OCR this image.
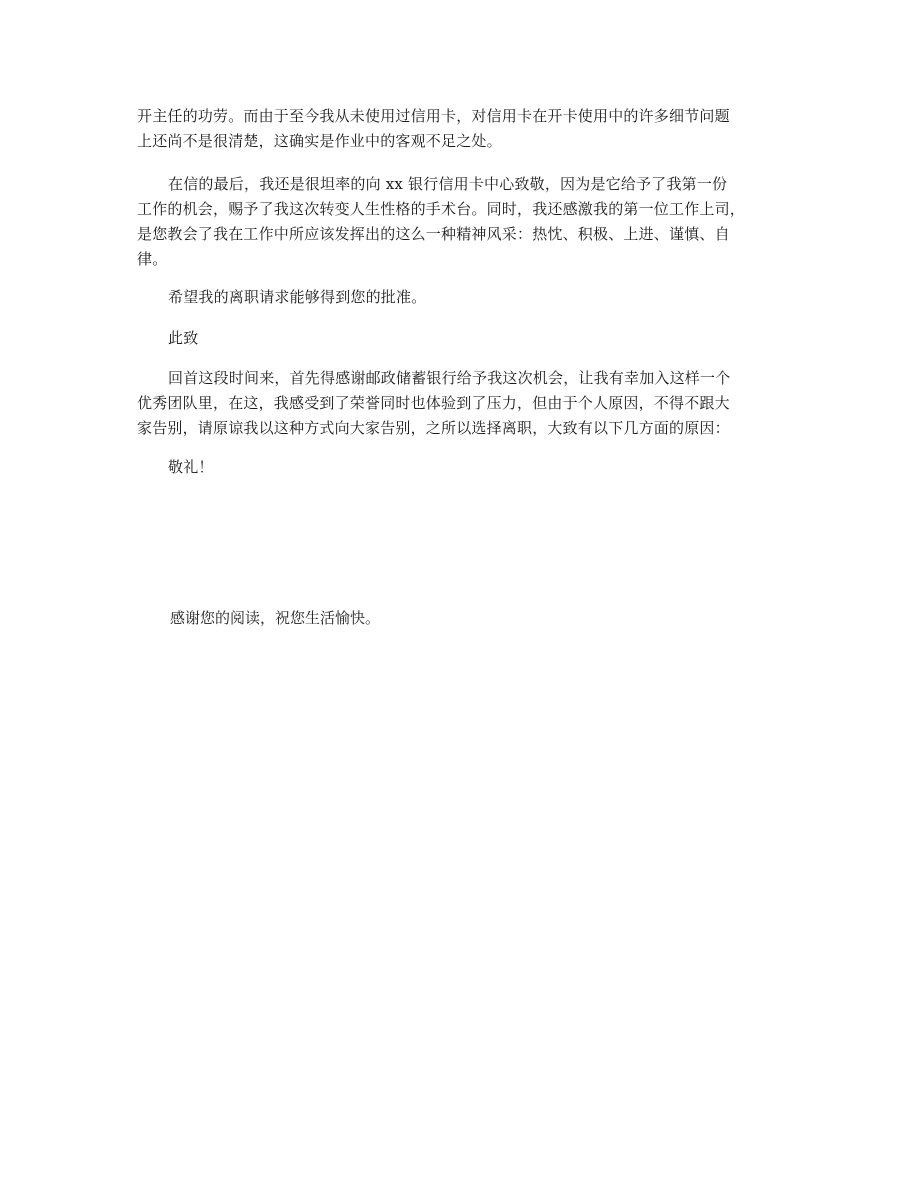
开主任的功劳。而由于至今我从未使用过信用卡，对信用卡在开卡使用中的许多细节问题
上还尚不是很清楚，这确实是作业中的客观不足之处。

在信的最后，我还是很坦率的向 xx 银行信用卡中心致敬，因为是它给予了我第一份
工作的机会，赐予了我这次转变人生性格的手术台。同时，我还感激我的第一位工作上司，
是您教会了我在工作中所应该发挥出的这么一种精神风采：热忱、积极、上进、谨慎、自
律。

希望我的离职请求能够得到您的批准。

此致

回首这段时间来，首先得感谢邮政储蓄银行给予我这次机会，让我有幸加入这样一个
优秀团队里，在这，我感受到了荣誉同时也体验到了压力，但由于个人原因，不得不跟大
家告别，请原谅我以这种方式向大家告别，之所以选择离职，大致有以下几方面的原因：

敬礼！

感谢您的阅读，祝您生活愉快。
